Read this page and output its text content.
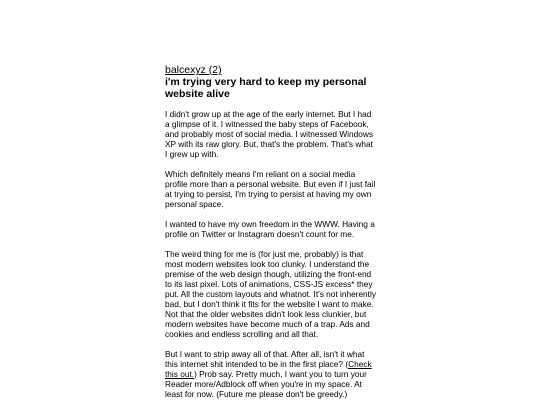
balcexyz (2)
i'm trying very hard to keep my personal
website alive

I didn't grow up at the age of the early internet. But I had a glimpse of it. I witnessed the baby steps of Facebook, and probably most of social media. I witnessed Windows XP with its raw glory. But, that's the problem. That's what I grew up with.

Which definitely means I'm reliant on a social media profile more than a personal website. But even if I just fail at trying to persist, I'm trying to persist at having my own personal space.

I wanted to have my own freedom in the WWW. Having a profile on Twitter or Instagram doesn't count for me.

The weird thing for me is (for just me, probably) is that most modern websites look too clunky. I understand the premise of the web design though, utilizing the front-end to its last pixel. Lots of animations, CSS-JS excess* they put. All the custom layouts and whatnot. It's not inherently bad, but I don't think it fits for the website I want to make. Not that the older websites didn't look less clunkier, but modern websites have become much of a trap. Ads and cookies and endless scrolling and all that.

But I want to strip away all of that. After all, isn't it what this internet shit intended to be in the first place? (Check this out.) Prob say. Pretty much, I want you to turn your Reader more/Adblock off when you're in my space. At least for now. (Future me please don't be greedy.)
